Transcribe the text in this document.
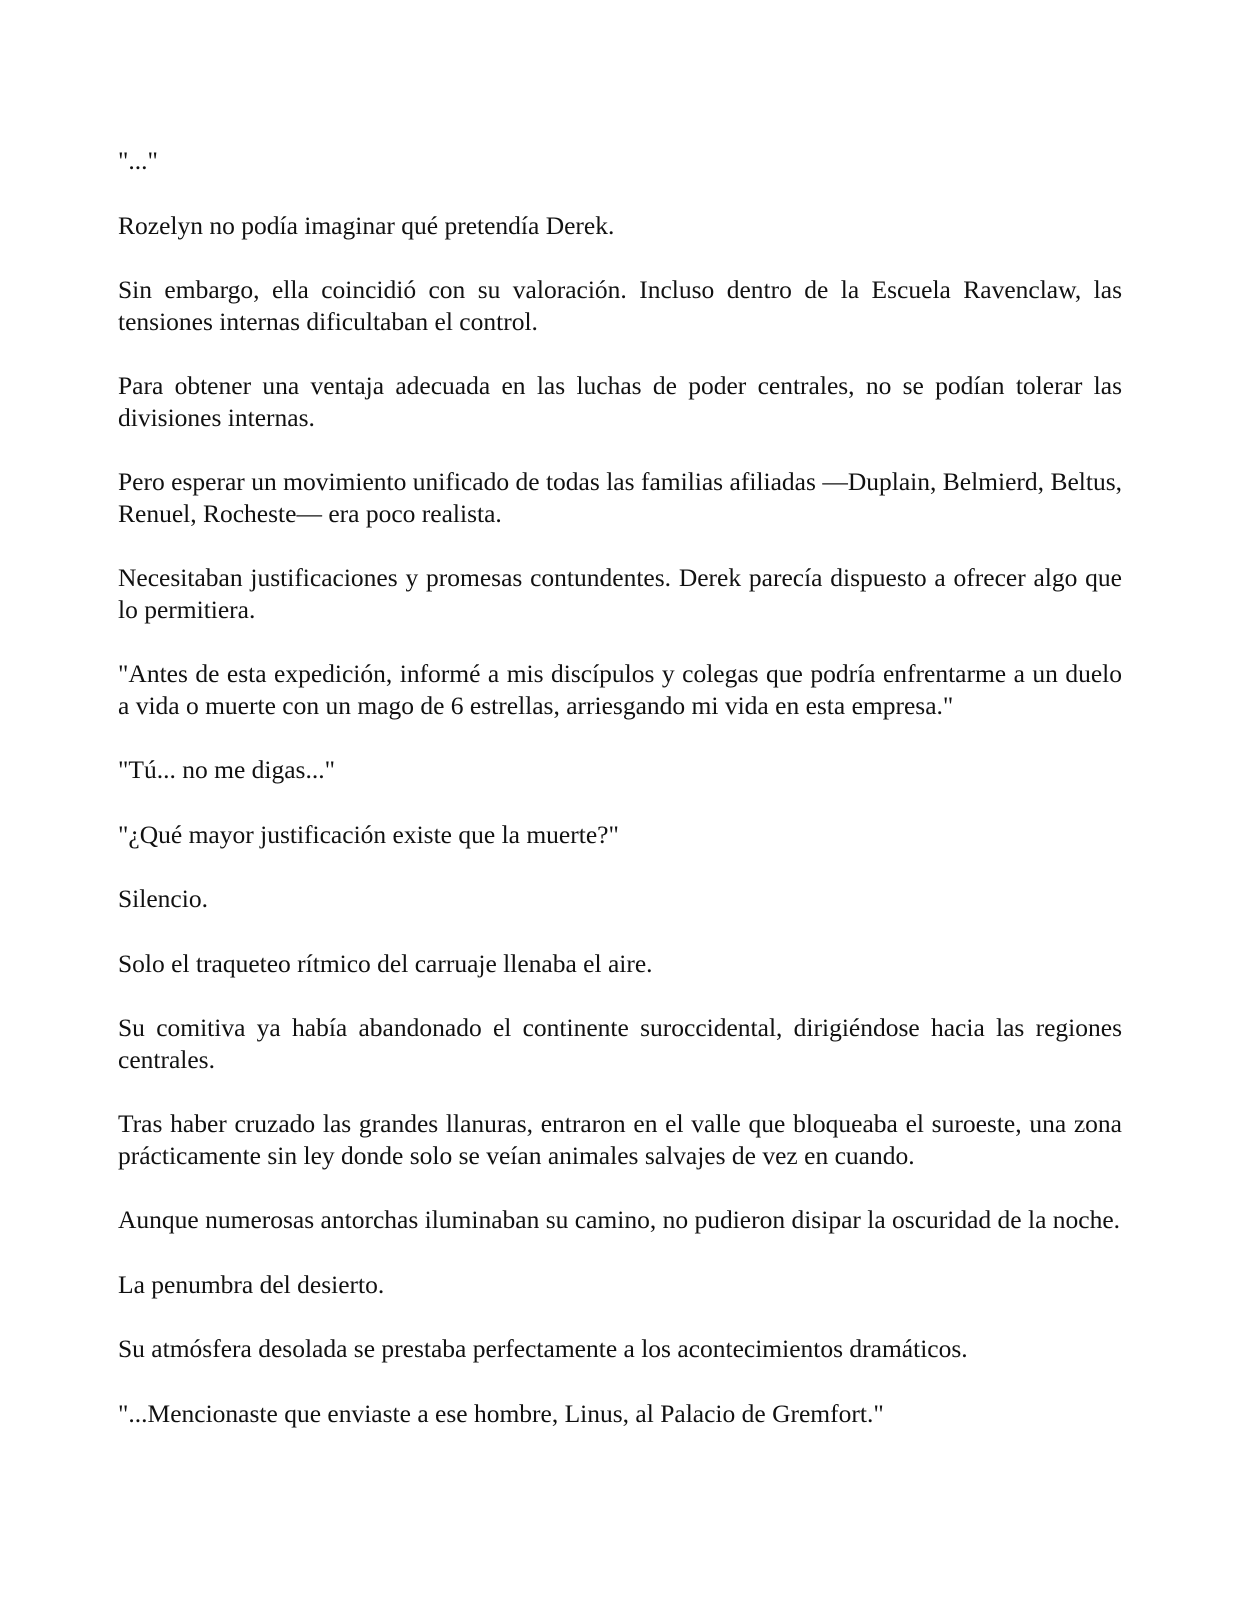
"..."

Rozelyn no podía imaginar qué pretendía Derek.

Sin embargo, ella coincidió con su valoración. Incluso dentro de la Escuela Ravenclaw, las tensiones internas dificultaban el control.

Para obtener una ventaja adecuada en las luchas de poder centrales, no se podían tolerar las divisiones internas.

Pero esperar un movimiento unificado de todas las familias afiliadas —Duplain, Belmierd, Beltus, Renuel, Rocheste— era poco realista.

Necesitaban justificaciones y promesas contundentes. Derek parecía dispuesto a ofrecer algo que lo permitiera.

"Antes de esta expedición, informé a mis discípulos y colegas que podría enfrentarme a un duelo a vida o muerte con un mago de 6 estrellas, arriesgando mi vida en esta empresa."

"Tú... no me digas..."

"¿Qué mayor justificación existe que la muerte?"

Silencio.

Solo el traqueteo rítmico del carruaje llenaba el aire.

Su comitiva ya había abandonado el continente suroccidental, dirigiéndose hacia las regiones centrales.

Tras haber cruzado las grandes llanuras, entraron en el valle que bloqueaba el suroeste, una zona prácticamente sin ley donde solo se veían animales salvajes de vez en cuando.

Aunque numerosas antorchas iluminaban su camino, no pudieron disipar la oscuridad de la noche.

La penumbra del desierto.

Su atmósfera desolada se prestaba perfectamente a los acontecimientos dramáticos.

"...Mencionaste que enviaste a ese hombre, Linus, al Palacio de Gremfort."
